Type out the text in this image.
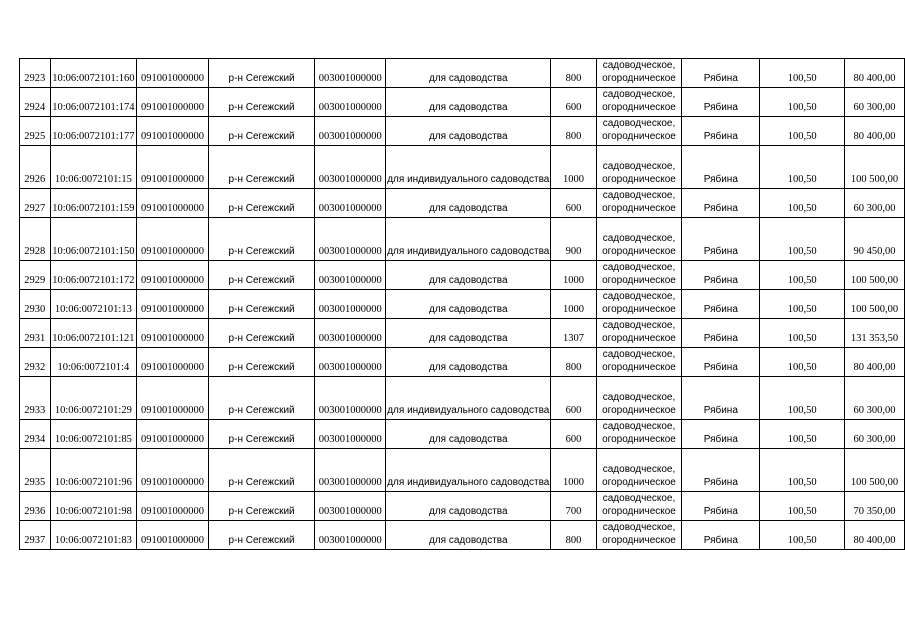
2923	10:06:0072101:160	091001000000	р-н Сегежский	003001000000	для садоводства	800	садоводческое,
огородническое	Рябина	100,50	80 400,00
2924	10:06:0072101:174	091001000000	р-н Сегежский	003001000000	для садоводства	600	садоводческое,
огородническое	Рябина	100,50	60 300,00
2925	10:06:0072101:177	091001000000	р-н Сегежский	003001000000	для садоводства	800	садоводческое,
огородническое	Рябина	100,50	80 400,00
2926	10:06:0072101:15	091001000000	р-н Сегежский	003001000000	для индивидуального садоводства	1000	садоводческое,
огородническое	Рябина	100,50	100 500,00
2927	10:06:0072101:159	091001000000	р-н Сегежский	003001000000	для садоводства	600	садоводческое,
огородническое	Рябина	100,50	60 300,00
2928	10:06:0072101:150	091001000000	р-н Сегежский	003001000000	для индивидуального садоводства	900	садоводческое,
огородническое	Рябина	100,50	90 450,00
2929	10:06:0072101:172	091001000000	р-н Сегежский	003001000000	для садоводства	1000	садоводческое,
огородническое	Рябина	100,50	100 500,00
2930	10:06:0072101:13	091001000000	р-н Сегежский	003001000000	для садоводства	1000	садоводческое,
огородническое	Рябина	100,50	100 500,00
2931	10:06:0072101:121	091001000000	р-н Сегежский	003001000000	для садоводства	1307	садоводческое,
огородническое	Рябина	100,50	131 353,50
2932	10:06:0072101:4	091001000000	р-н Сегежский	003001000000	для садоводства	800	садоводческое,
огородническое	Рябина	100,50	80 400,00
2933	10:06:0072101:29	091001000000	р-н Сегежский	003001000000	для индивидуального садоводства	600	садоводческое,
огородническое	Рябина	100,50	60 300,00
2934	10:06:0072101:85	091001000000	р-н Сегежский	003001000000	для садоводства	600	садоводческое,
огородническое	Рябина	100,50	60 300,00
2935	10:06:0072101:96	091001000000	р-н Сегежский	003001000000	для индивидуального садоводства	1000	садоводческое,
огородническое	Рябина	100,50	100 500,00
2936	10:06:0072101:98	091001000000	р-н Сегежский	003001000000	для садоводства	700	садоводческое,
огородническое	Рябина	100,50	70 350,00
2937	10:06:0072101:83	091001000000	р-н Сегежский	003001000000	для садоводства	800	садоводческое,
огородническое	Рябина	100,50	80 400,00
